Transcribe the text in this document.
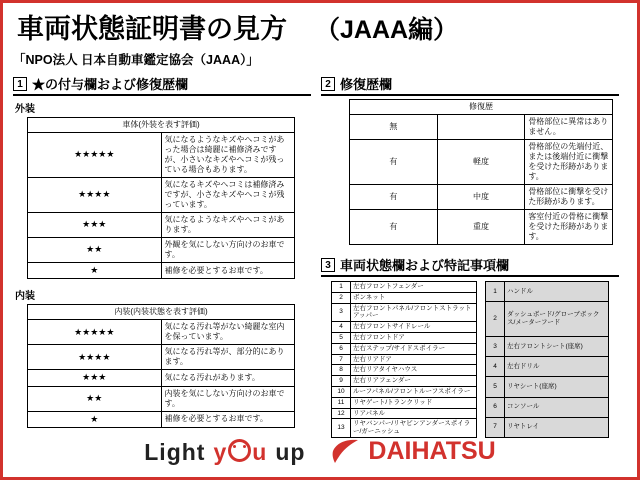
車両状態証明書の見方 （JAAA編）
「NPO法人 日本自動車鑑定協会（JAAA）」
1 ★の付与欄および修復歴欄
外装
車体(外装を表す評価)	
★★★★★	気になるようなキズやヘコミがあった場合は綺麗に補修済みですが、小さいなキズやヘコミが残っている場合もあります。
★★★★	気になるキズやヘコミは補修済みですが、小さなキズやヘコミが残っています。
★★★	気になるようなキズやヘコミがあります。
★★	外観を気にしない方向けのお車です。
★	補修を必要とするお車です。
内装
内装(内装状態を表す評価)	
★★★★★	気になる汚れ等がない綺麗な室内を保っています。
★★★★	気になる汚れ等が、部分的にあります。
★★★	気になる汚れがあります。
★★	内装を気にしない方向けのお車です。
★	補修を必要とするお車です。
2 修復歴欄
修復歴		
無		骨格部位に異常はありません。
有	軽度	骨格部位の先端付近、または後端付近に衝撃を受けた形跡があります。
有	中度	骨格部位に衝撃を受けた形跡があります。
有	重度	客室付近の骨格に衝撃を受けた形跡があります。
3 車両状態欄および特記事項欄
1	左右フロントフェンダー
2	ボンネット
3	左右フロントパネル/フロントストラットアッパー
4	左右フロントサイドレール
5	左右フロントドア
6	左右ステップ/サイドスポイラー
7	左右リアドア
8	左右リアタイヤハウス
9	左右リアフェンダー
10	ルーフパネル/フロントルーフスポイラー
11	リヤゲート/トランクリッド
12	リアパネル
13	リヤバンパー/リヤピンアンダースポイラー/ガーニッシュ
1	ハンドル
2	ダッシュボード/グローブボックス/メーターフード
3	左右フロントシート(座席)
4	左右ドリル
5	リヤシート(座席)
6	コンソール
7	リヤトレイ
Light y u up	DAIHATSU
